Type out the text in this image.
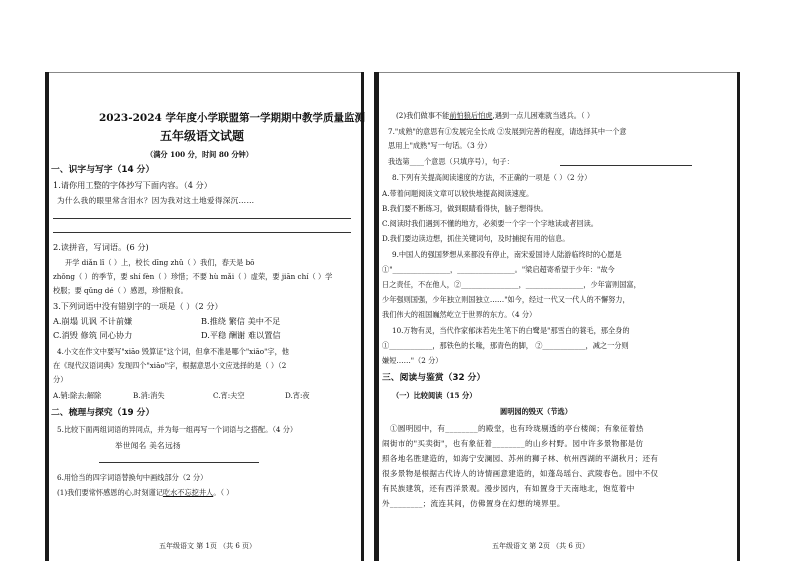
2023-2024 学年度小学联盟第一学期期中教学质量监测
五年级语文试题
（满分 100 分，时间 80 分钟）
一、识字与写字（14 分）
1.请你用工整的字体抄写下面内容。（4 分）
为什么我的眼里常含泪水？因为我对这土地爱得深沉……
2.读拼音，写词语。(6 分)
开学 diǎn lǐ（ ）上，校长 dīng zhǔ（ ）我们，春天是 bō
zhǒng（ ）的季节，要 shí fèn（ ）珍惜；不要 hù mǎi（ ）虚荣，要 jiān chí（ ）学
校服；要 qǔng dé（ ）感恩，珍惜粮食。
3.下列词语中没有错别字的一项是（ ）（2 分）
A.崩塌 讥讽 不计前嫌	B.推绕 繁信 美中不足
C.消毁 修筑 同心协力	D.平稳 酬谢 难以置信
4.小文在作文中要写"xiāo 毁算证"这个词，但拿不准是哪个"xiāo"字，他
在《现代汉语词典》发现四个"xiāo"字，根据意思小文应选择的是（ ）（2
分）
A.销:除去;解除	B.消:消失	C.宵:夫空	D.宵:夜
二、梳理与探究（19 分）
5.比较下面两组词语的异同点，并为每一组再写一个词语与之搭配。（4 分）
举世闻名 美名远扬
6.用恰当的四字词语替换句中画线部分（2 分）
(1)我们要常怀感恩的心,时刻谨记吃水不忘挖井人。（ ）
五年级语文 第 1页 （共 6 页）
(2)我们做事不能前怕狼后怕虎,遇到一点儿困难就当逃兵。（ ）
7."成熟"的意思有①发展完全长成 ②发展到完善的程度，请选择其中一个意
思用上"成熟"写一句话。（3 分）
我选第____个意思（只填序号），句子：
8.下列有关提高阅读速度的方法，不正确的一项是（ ）（2 分）
A.带着问题阅读文章可以较快地提高阅读速度。
B.我们要不断练习，做到眼睛看得快，脑子想得快。
C.阅读时我们遇到不懂的地方，必须要一个字一个字地读或者回读。
D.我们要边读边想，抓住关键词句，及时捕捉有用的信息。
9.中国人的强国梦想从来都没有停止，南宋爱国诗人陆游临终时的心愿是
①"________________，________________。"梁启超寄希望于少年："故今
日之责任，不在他人，②________________，________________，少年富则国富，
少年强则国强，少年独立则国独立……"如今，经过一代又一代人的不懈努力，
我们伟大的祖国巍然屹立于世界的东方。（4 分）
10.万物有灵，当代作家郁沫若先生笔下的白鹭是"那雪白的蓑毛，那全身的
①____________，那铁色的长喙，那青色的脚， ②____________，减之一分则
嫌短……"（2 分）
三、阅读与鉴赏（32 分）
（一）比较阅读（15 分）
圆明园的毁灭（节选）
①圆明园中，有________的殿堂，也有玲珑剔透的亭台楼阁；有象征着热
闹街市的"买卖街"，也有象征着________的山乡村野。园中许多景物都是仿
照各地名胜建造的，如海宁安澜园、苏州的狮子林、杭州西湖的平湖秋月；还有
很多景物是根据古代诗人的诗情画意建造的，如蓬岛瑶台、武陵春色。园中不仅
有民族建筑，还有西洋景观。漫步园内，有如置身于天南地北，饱览着中
外________；流连其间，仿佛置身在幻想的境界里。
五年级语文 第 2页 （共 6 页）
